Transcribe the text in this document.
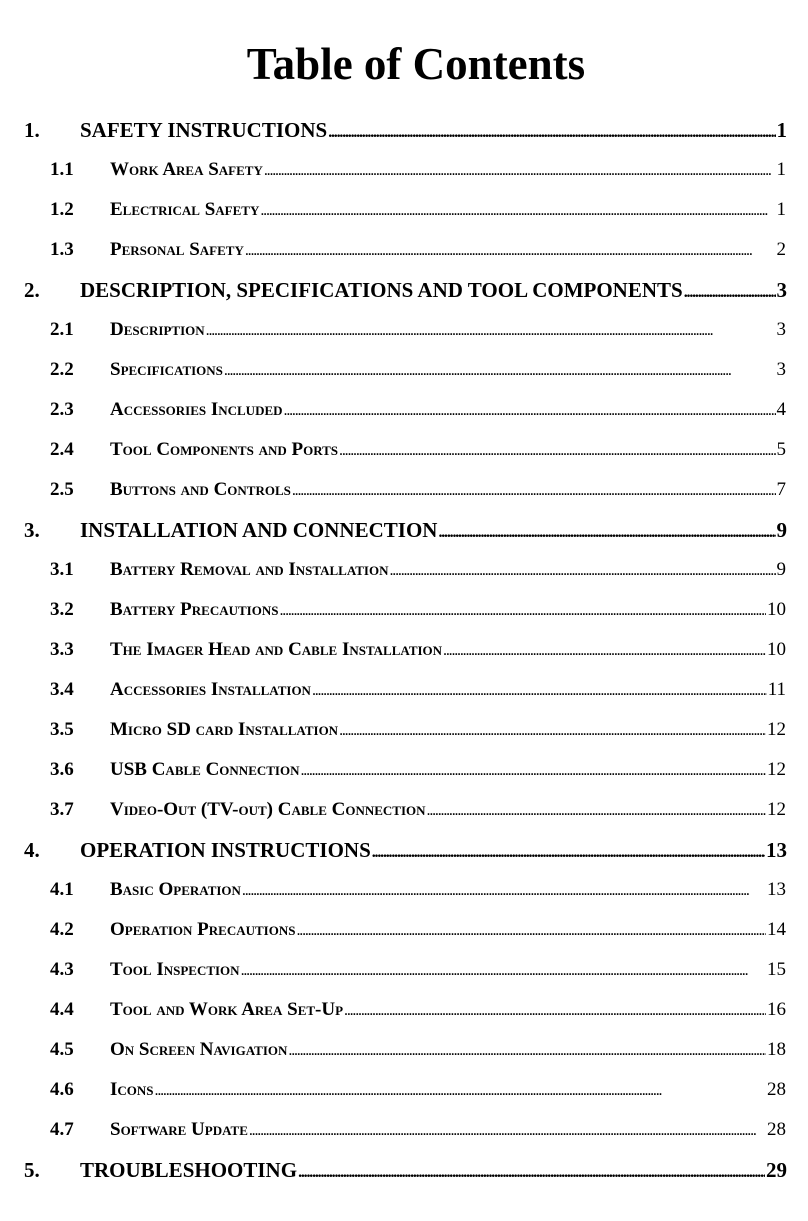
Table of Contents
1.	SAFETY INSTRUCTIONS . . .	1
1.1	Work Area Safety . . .	1
1.2	Electrical Safety . . .	1
1.3	Personal Safety . . .	2
2.	DESCRIPTION, SPECIFICATIONS AND TOOL COMPONENTS . . .	3
2.1	Description . . .	3
2.2	Specifications . . .	3
2.3	Accessories Included . . .	4
2.4	Tool Components and Ports . . .	5
2.5	Buttons and Controls . . .	7
3.	INSTALLATION AND CONNECTION . . .	9
3.1	Battery Removal and Installation . . .	9
3.2	Battery Precautions . . .	10
3.3	The Imager Head and Cable Installation . . .	10
3.4	Accessories Installation . . .	11
3.5	Micro SD card Installation . . .	12
3.6	USB Cable Connection . . .	12
3.7	Video-Out (TV-out) Cable Connection . . .	12
4.	OPERATION INSTRUCTIONS . . .	13
4.1	Basic Operation . . .	13
4.2	Operation Precautions . . .	14
4.3	Tool Inspection . . .	15
4.4	Tool and Work Area Set-Up . . .	16
4.5	On Screen Navigation . . .	18
4.6	Icons . . .	28
4.7	Software Update . . .	28
5.	TROUBLESHOOTING . . .	29
